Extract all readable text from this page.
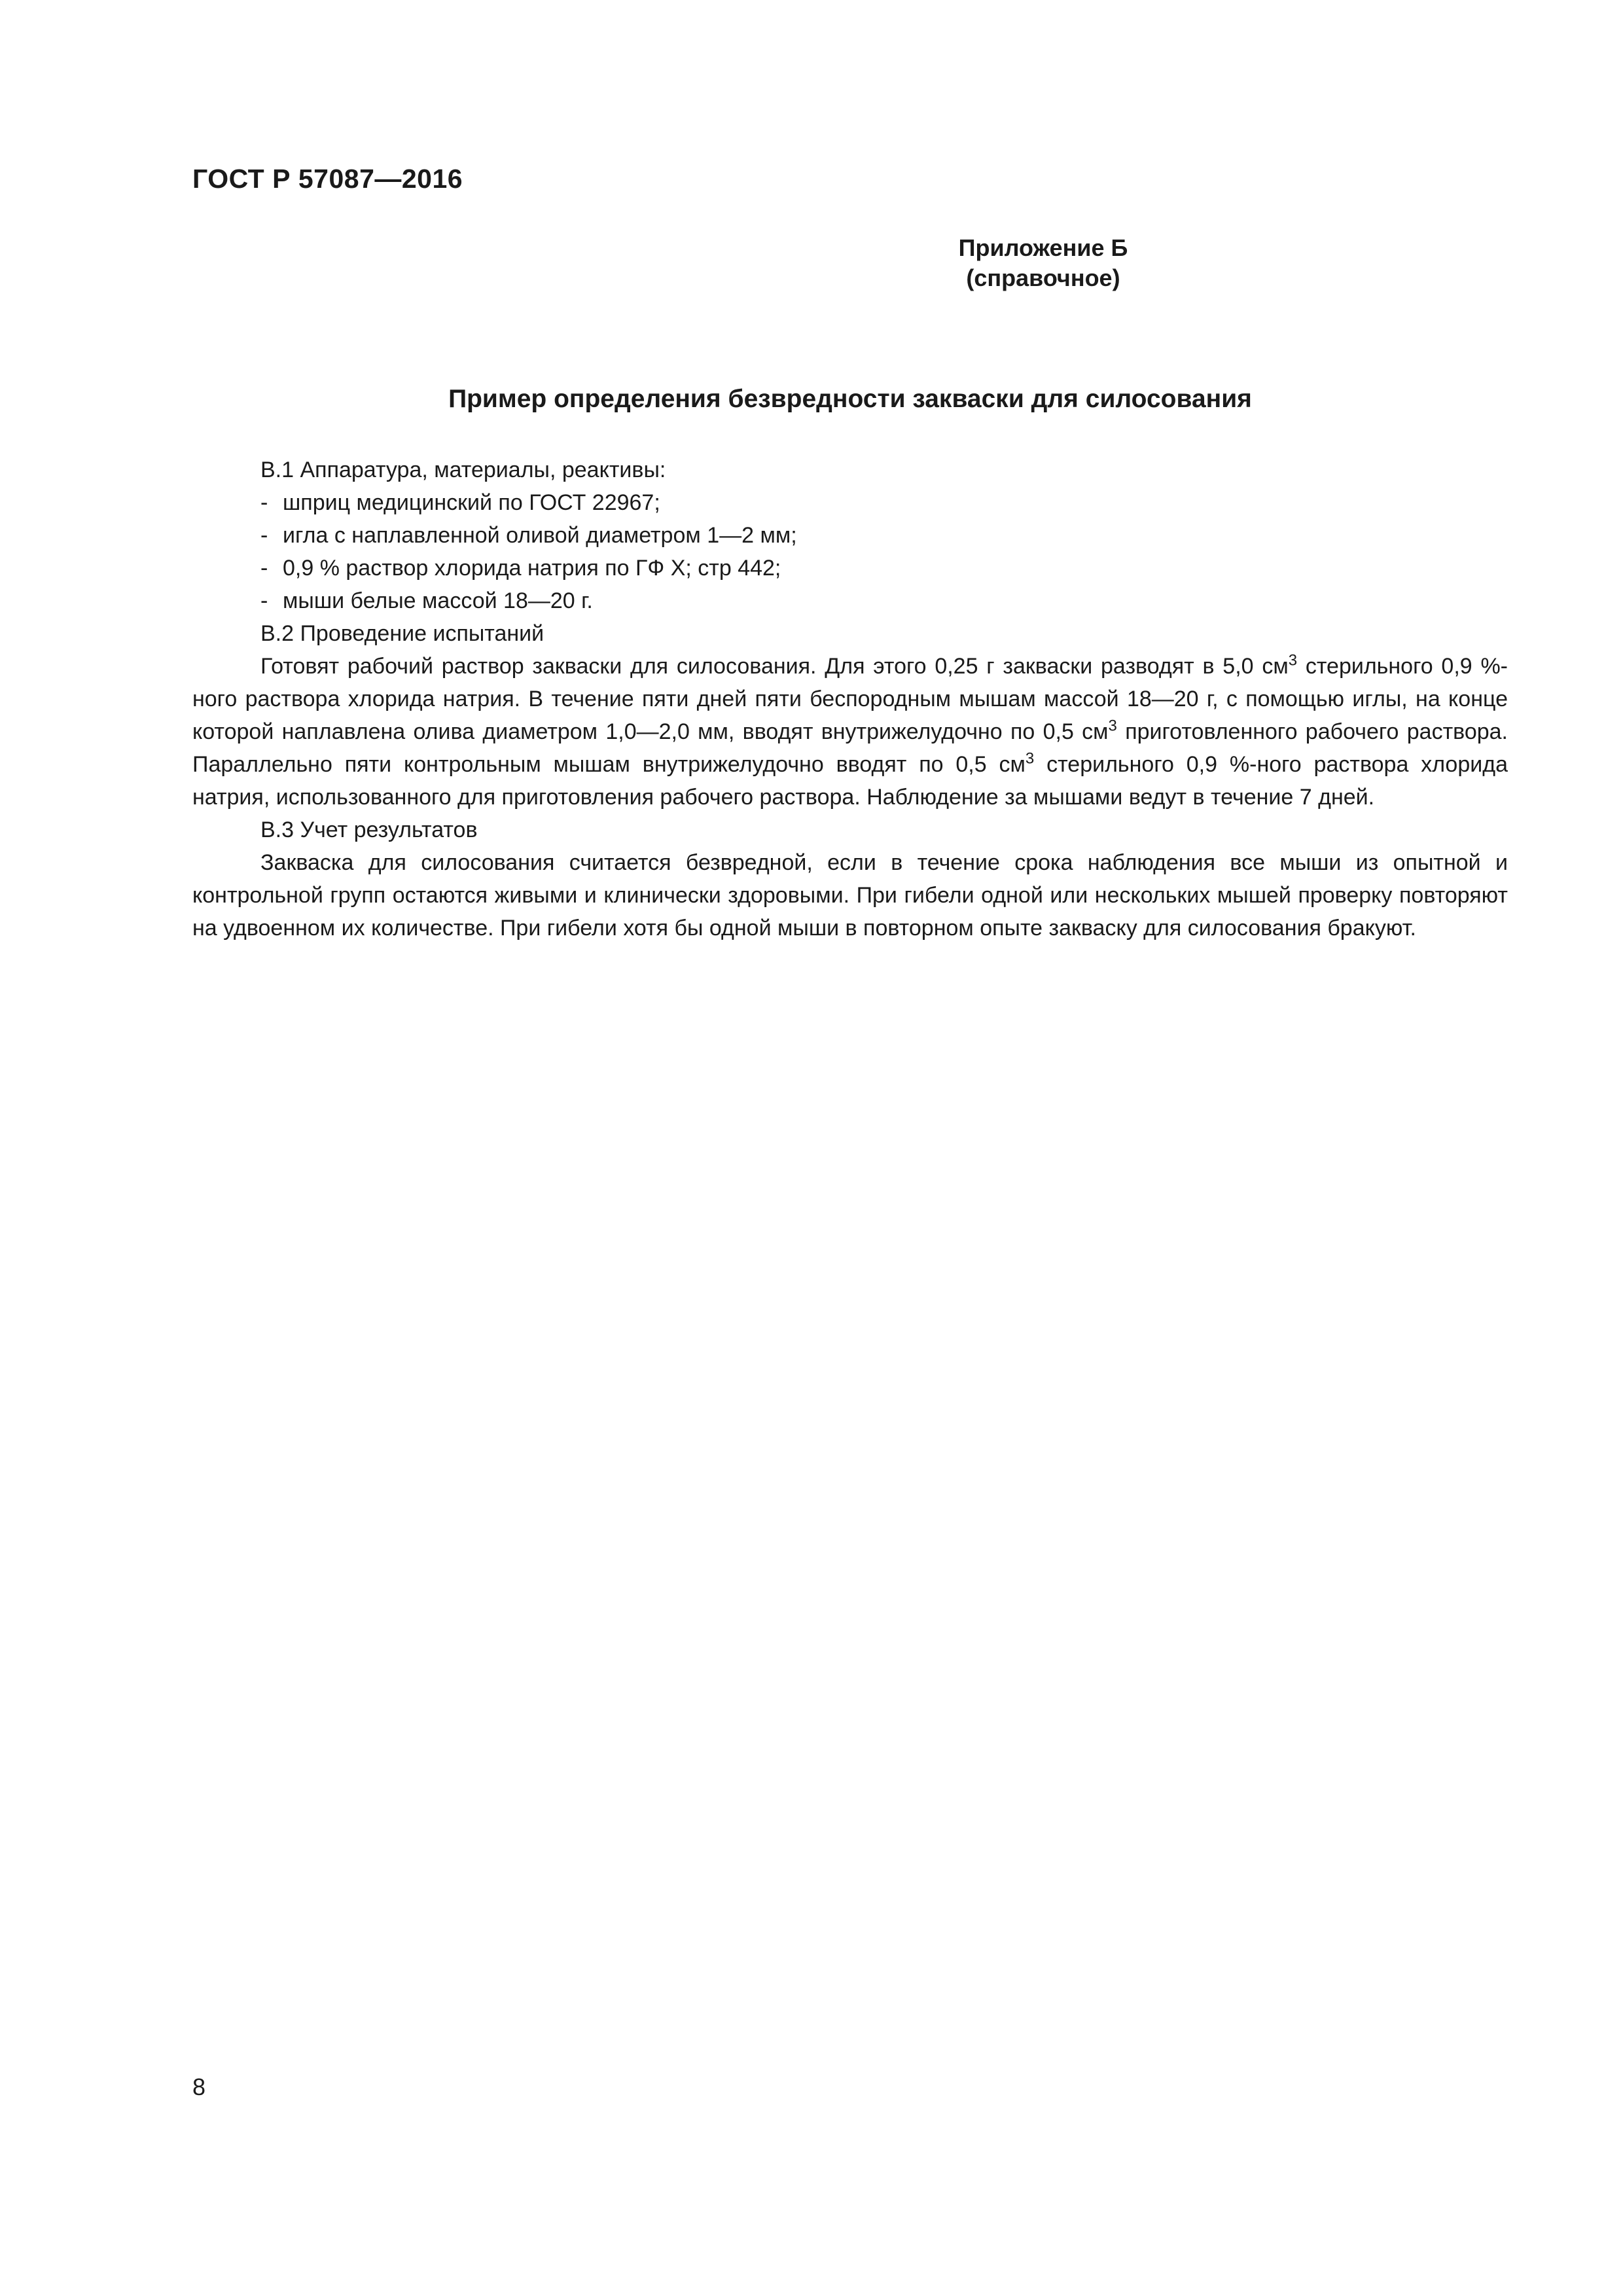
ГОСТ Р 57087—2016
Приложение Б
(справочное)
Пример определения безвредности закваски для силосования
В.1 Аппаратура, материалы, реактивы:
- шприц медицинский по ГОСТ 22967;
- игла с наплавленной оливой диаметром 1—2 мм;
- 0,9 % раствор хлорида натрия по ГФ X; стр 442;
- мыши белые массой 18—20 г.
В.2 Проведение испытаний
Готовят рабочий раствор закваски для силосования. Для этого 0,25 г закваски разводят в 5,0 $см^3$ стерильного 0,9 %-ного раствора хлорида натрия. В течение пяти дней пяти беспородным мышам массой 18—20 г, с помощью иглы, на конце которой наплавлена олива диаметром 1,0—2,0 мм, вводят внутрижелудочно по 0,5 $см^3$ приготовленного рабочего раствора. Параллельно пяти контрольным мышам внутрижелудочно вводят по 0,5 $см^3$ стерильного 0,9 %-ного раствора хлорида натрия, использованного для приготовления рабочего раствора. Наблюдение за мышами ведут в течение 7 дней.
В.3 Учет результатов
Закваска для силосования считается безвредной, если в течение срока наблюдения все мыши из опытной и контрольной групп остаются живыми и клинически здоровыми. При гибели одной или нескольких мышей проверку повторяют на удвоенном их количестве. При гибели хотя бы одной мыши в повторном опыте закваску для силосования бракуют.
8
